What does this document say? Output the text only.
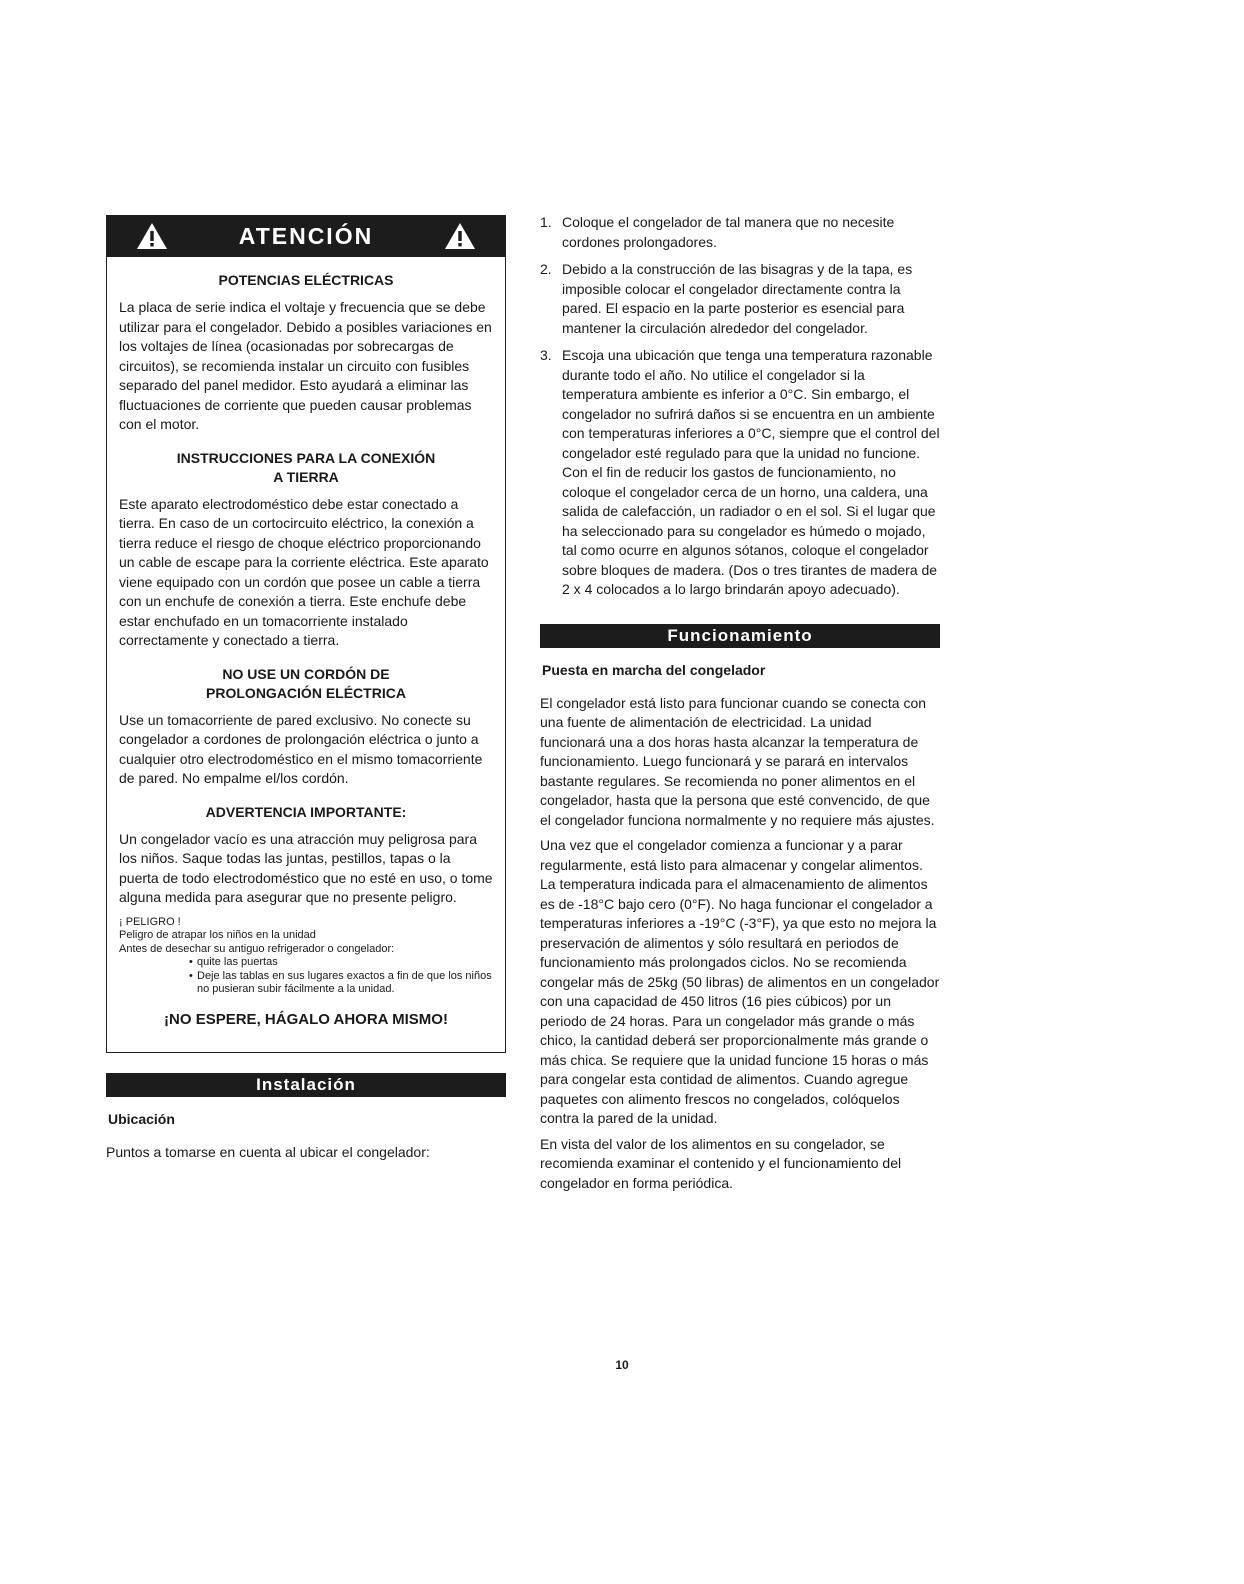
ATENCIÓN
POTENCIAS ELÉCTRICAS

La placa de serie indica el voltaje y frecuencia que se debe utilizar para el congelador. Debido a posibles variaciones en los voltajes de línea (ocasionadas por sobrecargas de circuitos), se recomienda instalar un circuito con fusibles separado del panel medidor. Esto ayudará a eliminar las fluctuaciones de corriente que pueden causar problemas con el motor.

INSTRUCCIONES PARA LA CONEXIÓN
A TIERRA

Este aparato electrodoméstico debe estar conectado a tierra. En caso de un cortocircuito eléctrico, la conexión a tierra reduce el riesgo de choque eléctrico proporcionando un cable de escape para la corriente eléctrica. Este aparato viene equipado con un cordón que posee un cable a tierra con un enchufe de conexión a tierra. Este enchufe debe estar enchufado en un tomacorriente instalado correctamente y conectado a tierra.

NO USE UN CORDÓN DE
PROLONGACIÓN ELÉCTRICA

Use un tomacorriente de pared exclusivo. No conecte su congelador a cordones de prolongación eléctrica o junto a cualquier otro electrodoméstico en el mismo tomacorriente de pared. No empalme el/los cordón.

ADVERTENCIA IMPORTANTE:

Un congelador vacío es una atracción muy peligrosa para los niños. Saque todas las juntas, pestillos, tapas o la puerta de todo electrodoméstico que no esté en uso, o tome alguna medida para asegurar que no presente peligro.

¡ PELIGRO !
Peligro de atrapar los niños en la unidad
Antes de desechar su antiguo refrigerador o congelador:
• quite las puertas
• Deje las tablas en sus lugares exactos a fin de que los niños no pusieran subir fácilmente a la unidad.
¡NO ESPERE, HÁGALO AHORA MISMO!
Instalación
Ubicación

Puntos a tomarse en cuenta al ubicar el congelador:

1. Coloque el congelador de tal manera que no necesite cordones prolongadores.
2. Debido a la construcción de las bisagras y de la tapa, es imposible colocar el congelador directamente contra la pared. El espacio en la parte posterior es esencial para mantener la circulación alrededor del congelador.
3. Escoja una ubicación que tenga una temperatura razonable durante todo el año. No utilice el congelador si la temperatura ambiente es inferior a 0°C. Sin embargo, el congelador no sufrirá daños si se encuentra en un ambiente con temperaturas inferiores a 0°C, siempre que el control del congelador esté regulado para que la unidad no funcione. Con el fin de reducir los gastos de funcionamiento, no coloque el congelador cerca de un horno, una caldera, una salida de calefacción, un radiador o en el sol. Si el lugar que ha seleccionado para su congelador es húmedo o mojado, tal como ocurre en algunos sótanos, coloque el congelador sobre bloques de madera. (Dos o tres tirantes de madera de 2 x 4 colocados a lo largo brindarán apoyo adecuado).
Funcionamiento
Puesta en marcha del congelador

El congelador está listo para funcionar cuando se conecta con una fuente de alimentación de electricidad. La unidad funcionará una a dos horas hasta alcanzar la temperatura de funcionamiento. Luego funcionará y se parará en intervalos bastante regulares. Se recomienda no poner alimentos en el congelador, hasta que la persona que esté convencido, de que el congelador funciona normalmente y no requiere más ajustes.

Una vez que el congelador comienza a funcionar y a parar regularmente, está listo para almacenar y congelar alimentos. La temperatura indicada para el almacenamiento de alimentos es de -18°C bajo cero (0°F). No haga funcionar el congelador a temperaturas inferiores a -19°C (-3°F), ya que esto no mejora la preservación de alimentos y sólo resultará en periodos de funcionamiento más prolongados ciclos. No se recomienda congelar más de 25kg (50 libras) de alimentos en un congelador con una capacidad de 450 litros (16 pies cúbicos) por un periodo de 24 horas. Para un congelador más grande o más chico, la cantidad deberá ser proporcionalmente más grande o más chica. Se requiere que la unidad funcione 15 horas o más para congelar esta contidad de alimentos. Cuando agregue paquetes con alimento frescos no congelados, colóquelos contra la pared de la unidad.

En vista del valor de los alimentos en su congelador, se recomienda examinar el contenido y el funcionamiento del congelador en forma periódica.

10
